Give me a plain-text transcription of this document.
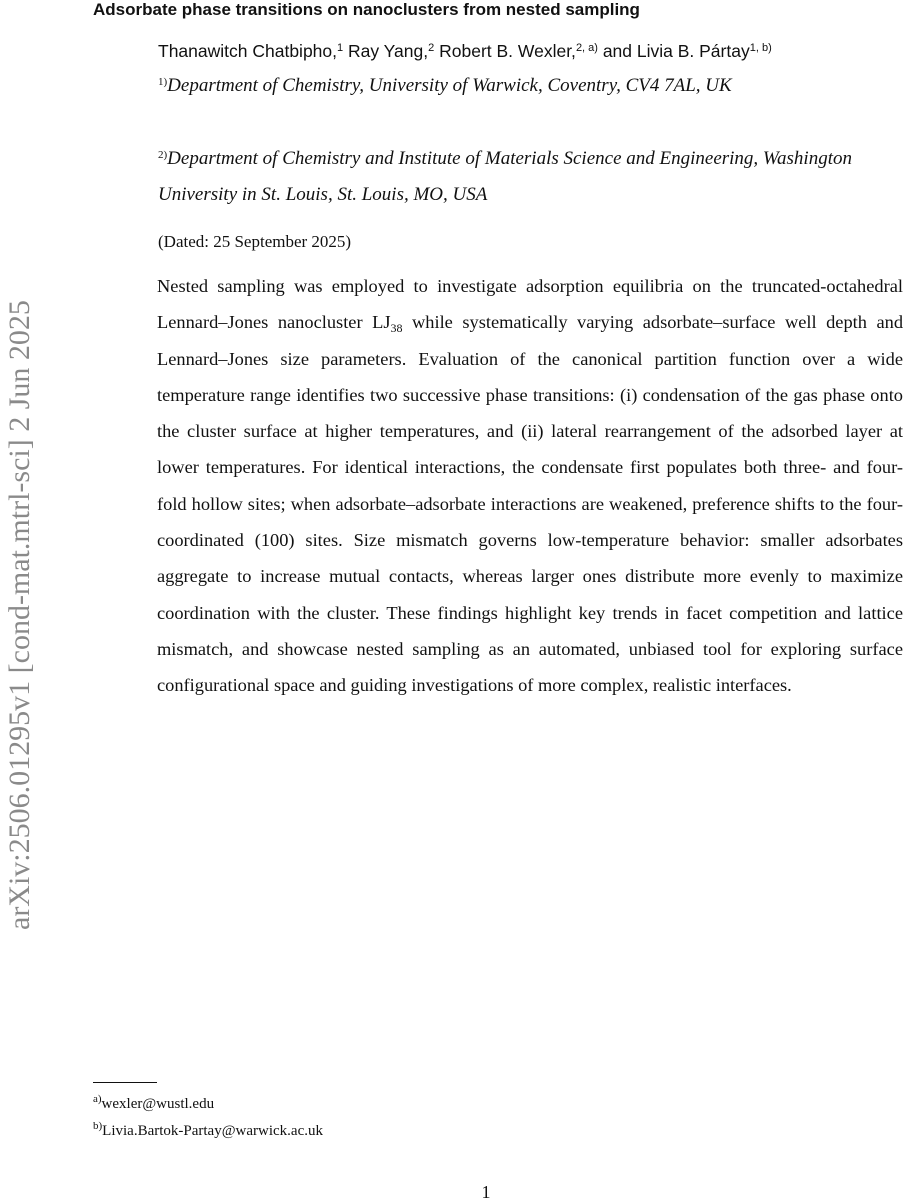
arXiv:2506.01295v1 [cond-mat.mtrl-sci] 2 Jun 2025
Adsorbate phase transitions on nanoclusters from nested sampling
Thanawitch Chatbipho,$^1$ Ray Yang,$^2$ Robert B. Wexler,$^{2, a)}$ and Livia B. Pártay$^{1, b)}$
$^{1)}$Department of Chemistry, University of Warwick, Coventry, CV4 7AL, UK
$^{2)}$Department of Chemistry and Institute of Materials Science and Engineering, Washington University in St. Louis, St. Louis, MO, USA
(Dated: 25 September 2025)

Nested sampling was employed to investigate adsorption equilibria on the truncated-octahedral Lennard–Jones nanocluster $LJ_{38}$ while systematically varying adsorbate–surface well depth and Lennard–Jones size parameters. Evaluation of the canonical partition function over a wide temperature range identifies two successive phase transitions: (i) condensation of the gas phase onto the cluster surface at higher temperatures, and (ii) lateral rearrangement of the adsorbed layer at lower temperatures. For identical interactions, the condensate first populates both three- and four-fold hollow sites; when adsorbate–adsorbate interactions are weakened, preference shifts to the four-coordinated (100) sites. Size mismatch governs low-temperature behavior: smaller adsorbates aggregate to increase mutual contacts, whereas larger ones distribute more evenly to maximize coordination with the cluster. These findings highlight key trends in facet competition and lattice mismatch, and showcase nested sampling as an automated, unbiased tool for exploring surface configurational space and guiding investigations of more complex, realistic interfaces.

$^{a)}$wexler@wustl.edu
$^{b)}$Livia.Bartok-Partay@warwick.ac.uk
1
